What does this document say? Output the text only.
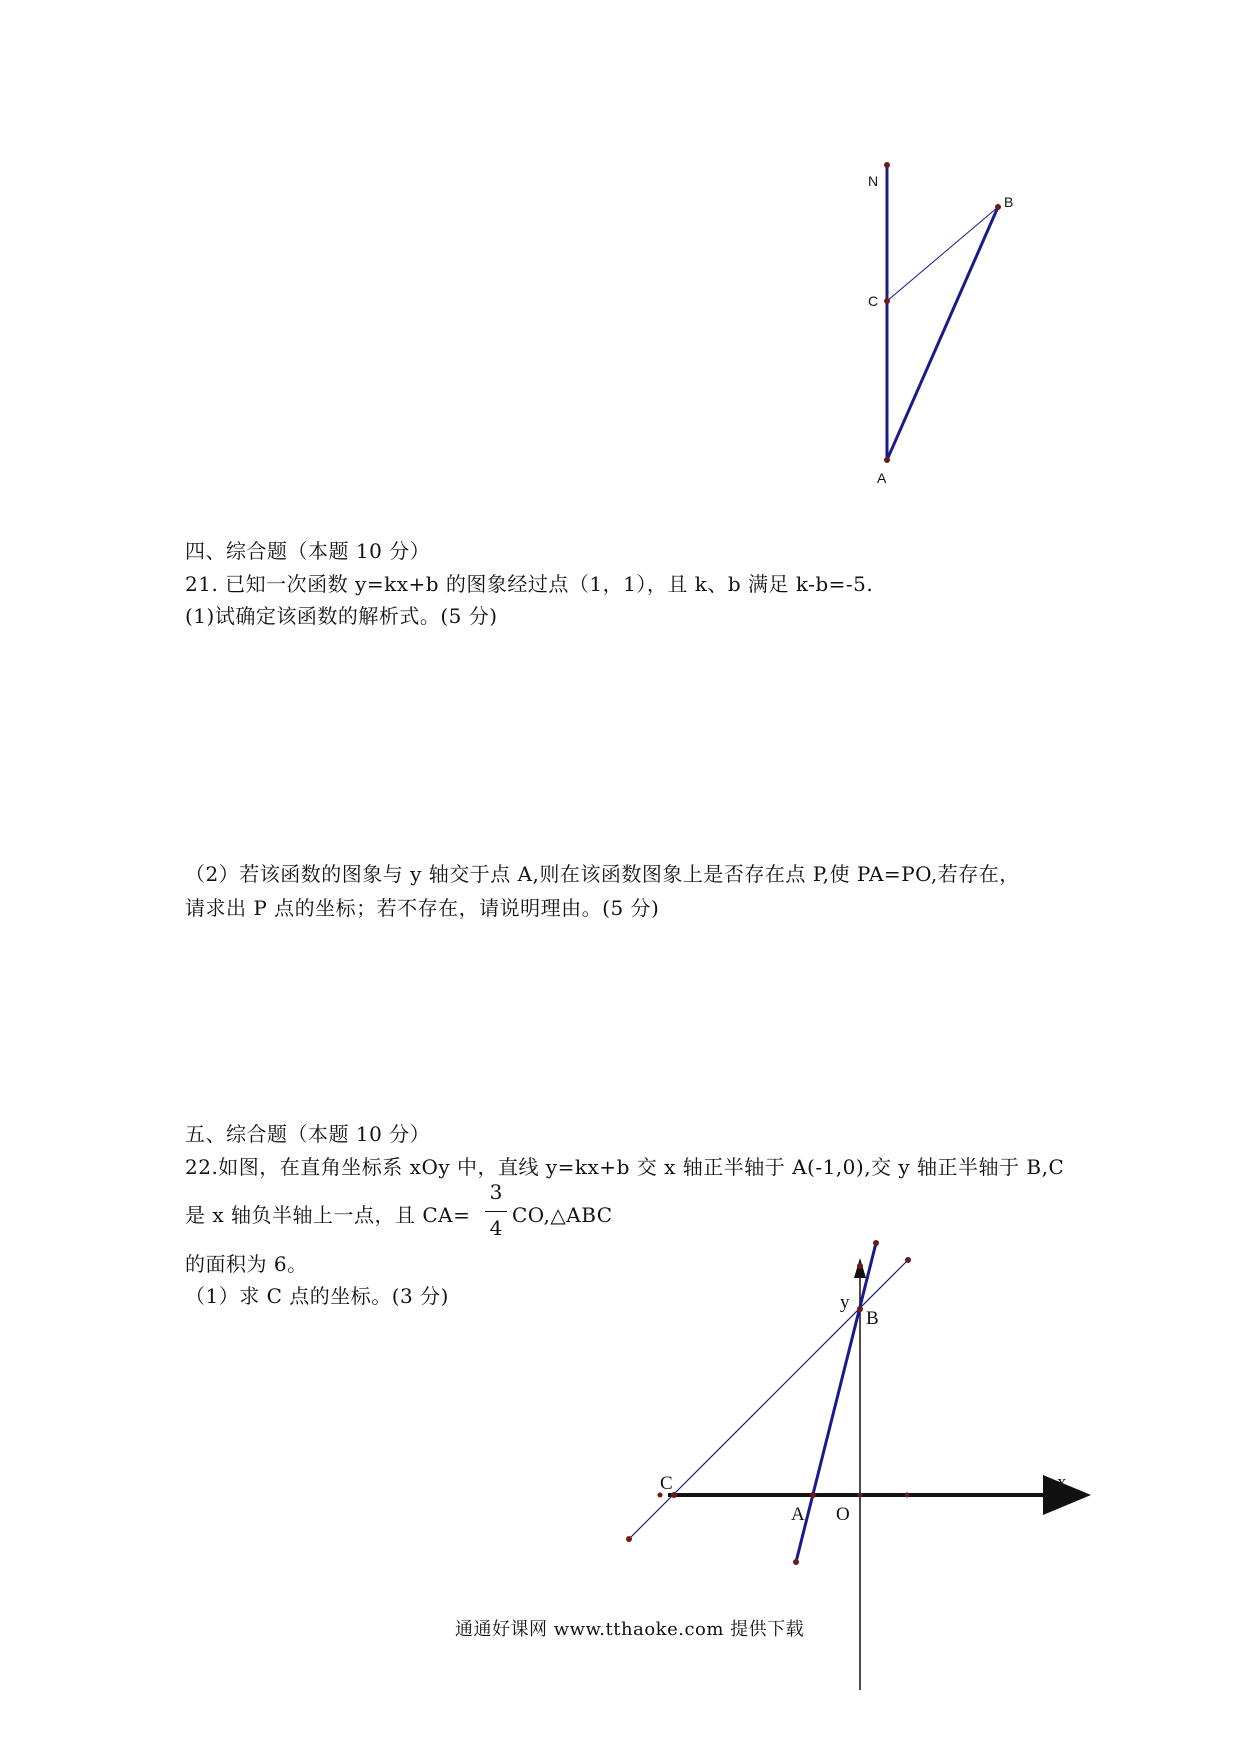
N
B
C
A
y
B
x
C
A O
四、综合题（本题 10 分）
21. 已知一次函数 y=kx+b 的图象经过点（1，1），且 k、b 满足 k-b=-5.
(1)试确定该函数的解析式。(5 分)
（2）若该函数的图象与 y 轴交于点 A,则在该函数图象上是否存在点 P,使 PA=PO,若存在，
请求出 P 点的坐标；若不存在，请说明理由。(5 分)
五、综合题（本题 10 分）
22.如图，在直角坐标系 xOy 中，直线 y=kx+b 交 x 轴正半轴于 A(-1,0),交 y 轴正半轴于 B,C
是 x 轴负半轴上一点，且 CA=
3
4
CO,△ABC
的面积为 6。
（1）求 C 点的坐标。(3 分)
通通好课网 www.tthaoke.com 提供下载
